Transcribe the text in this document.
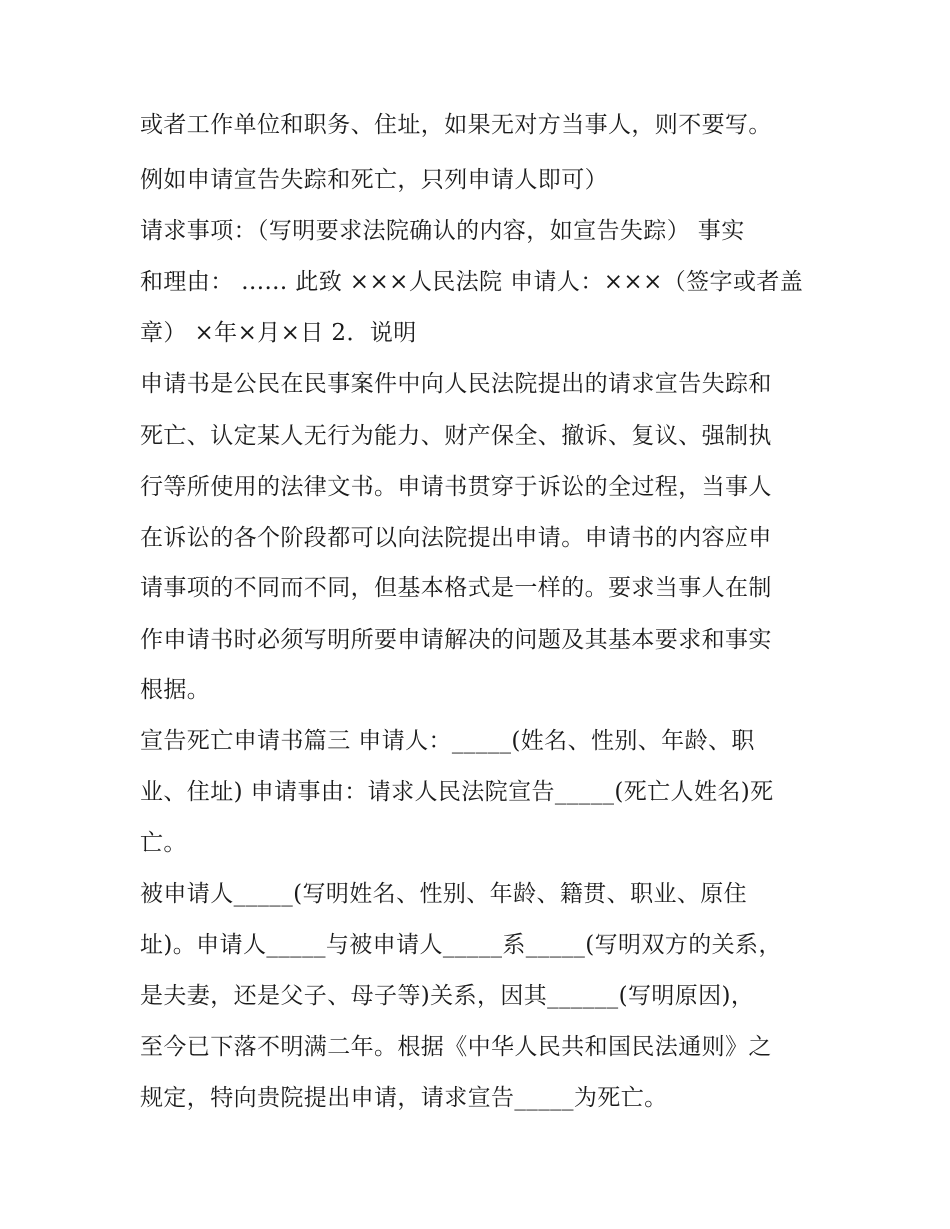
或者工作单位和职务、住址，如果无对方当事人，则不要写。
例如申请宣告失踪和死亡，只列申请人即可）
请求事项：（写明要求法院确认的内容，如宣告失踪） 事实
和理由： ...... 此致 ×××人民法院 申请人：×××（签字或者盖
章） ×年×月×日 2．说明
申请书是公民在民事案件中向人民法院提出的请求宣告失踪和
死亡、认定某人无行为能力、财产保全、撤诉、复议、强制执
行等所使用的法律文书。申请书贯穿于诉讼的全过程，当事人
在诉讼的各个阶段都可以向法院提出申请。申请书的内容应申
请事项的不同而不同，但基本格式是一样的。要求当事人在制
作申请书时必须写明所要申请解决的问题及其基本要求和事实
根据。
宣告死亡申请书篇三 申请人：_____(姓名、性别、年龄、职
业、住址) 申请事由：请求人民法院宣告_____(死亡人姓名)死
亡。
被申请人_____(写明姓名、性别、年龄、籍贯、职业、原住
址)。申请人_____与被申请人_____系_____(写明双方的关系，
是夫妻，还是父子、母子等)关系，因其______(写明原因)，
至今已下落不明满二年。根据《中华人民共和国民法通则》之
规定，特向贵院提出申请，请求宣告_____为死亡。
